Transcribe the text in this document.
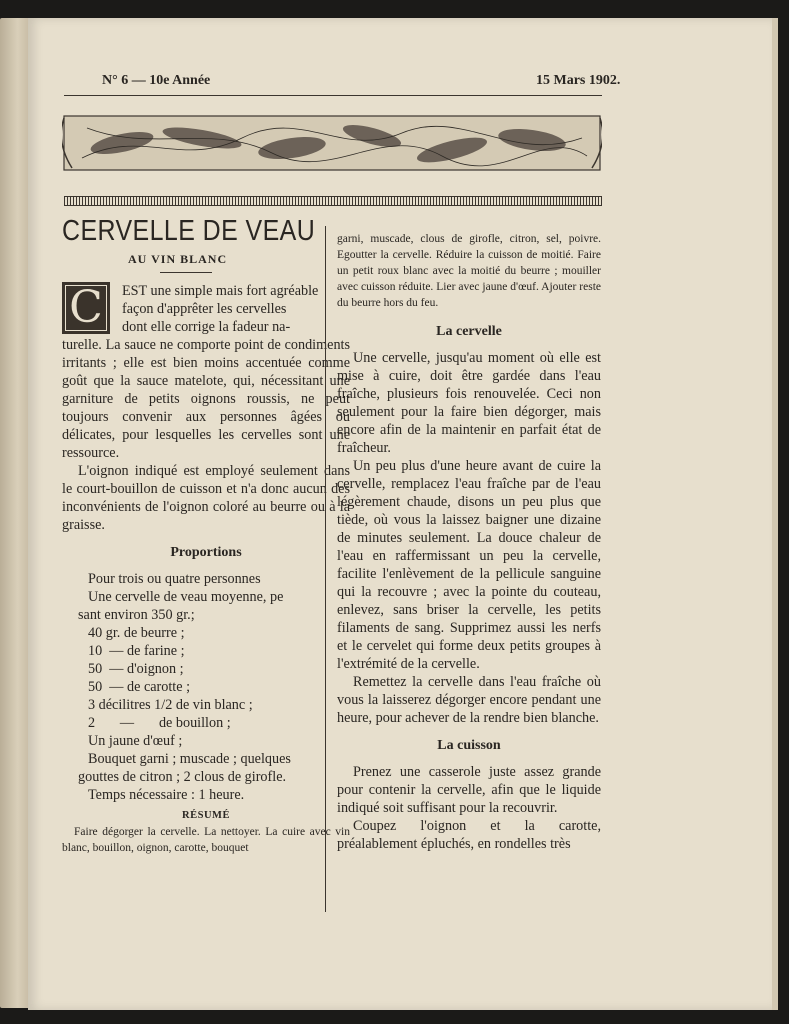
N° 6 — 10e Année	15 Mars 1902.
CERVELLE DE VEAU
AU VIN BLANC
C	EST une simple mais fort agréable

façon d'apprêter les cervelles

dont elle corrige la fadeur na-

turelle. La sauce ne comporte point de condiments irritants ; elle est bien moins accentuée comme goût que la sauce matelote, qui, nécessitant une garniture de petits oignons roussis, ne peut toujours convenir aux personnes âgées ou délicates, pour lesquelles les cervelles sont une ressource.

L'oignon indiqué est employé seulement dans le court-bouillon de cuisson et n'a donc aucun des inconvénients de l'oignon coloré au beurre ou à la graisse.

Proportions

Pour trois ou quatre personnes

Une cervelle de veau moyenne, pe

sant environ 350 gr.;

40 gr. de beurre ;

10  — de farine ;

50  — d'oignon ;

50  — de carotte ;

3 décilitres 1/2 de vin blanc ;

2       —       de bouillon ;

Un jaune d'œuf ;

Bouquet garni ; muscade ; quelques

gouttes de citron ; 2 clous de girofle.

Temps nécessaire : 1 heure.

RÉSUMÉ

Faire dégorger la cervelle. La nettoyer. La cuire avec vin blanc, bouillon, oignon, carotte, bouquet

garni, muscade, clous de girofle, citron, sel, poivre. Egoutter la cervelle. Réduire la cuisson de moitié. Faire un petit roux blanc avec la moitié du beurre ; mouiller avec cuisson réduite. Lier avec jaune d'œuf. Ajouter reste du beurre hors du feu.

La cervelle

Une cervelle, jusqu'au moment où elle est mise à cuire, doit être gardée dans l'eau fraîche, plusieurs fois renouvelée. Ceci non seulement pour la faire bien dégorger, mais encore afin de la maintenir en parfait état de fraîcheur.

Un peu plus d'une heure avant de cuire la cervelle, remplacez l'eau fraîche par de l'eau légèrement chaude, disons un peu plus que tiède, où vous la laissez baigner une dizaine de minutes seulement. La douce chaleur de l'eau en raffermissant un peu la cervelle, facilite l'enlèvement de la pellicule sanguine qui la recouvre ; avec la pointe du couteau, enlevez, sans briser la cervelle, les petits filaments de sang. Supprimez aussi les nerfs et le cervelet qui forme deux petits groupes à l'extrémité de la cervelle.

Remettez la cervelle dans l'eau fraîche où vous la laisserez dégorger encore pendant une heure, pour achever de la rendre bien blanche.

La cuisson

Prenez une casserole juste assez grande pour contenir la cervelle, afin que le liquide indiqué soit suffisant pour la recouvrir.

Coupez l'oignon et la carotte, préalablement épluchés, en rondelles très
